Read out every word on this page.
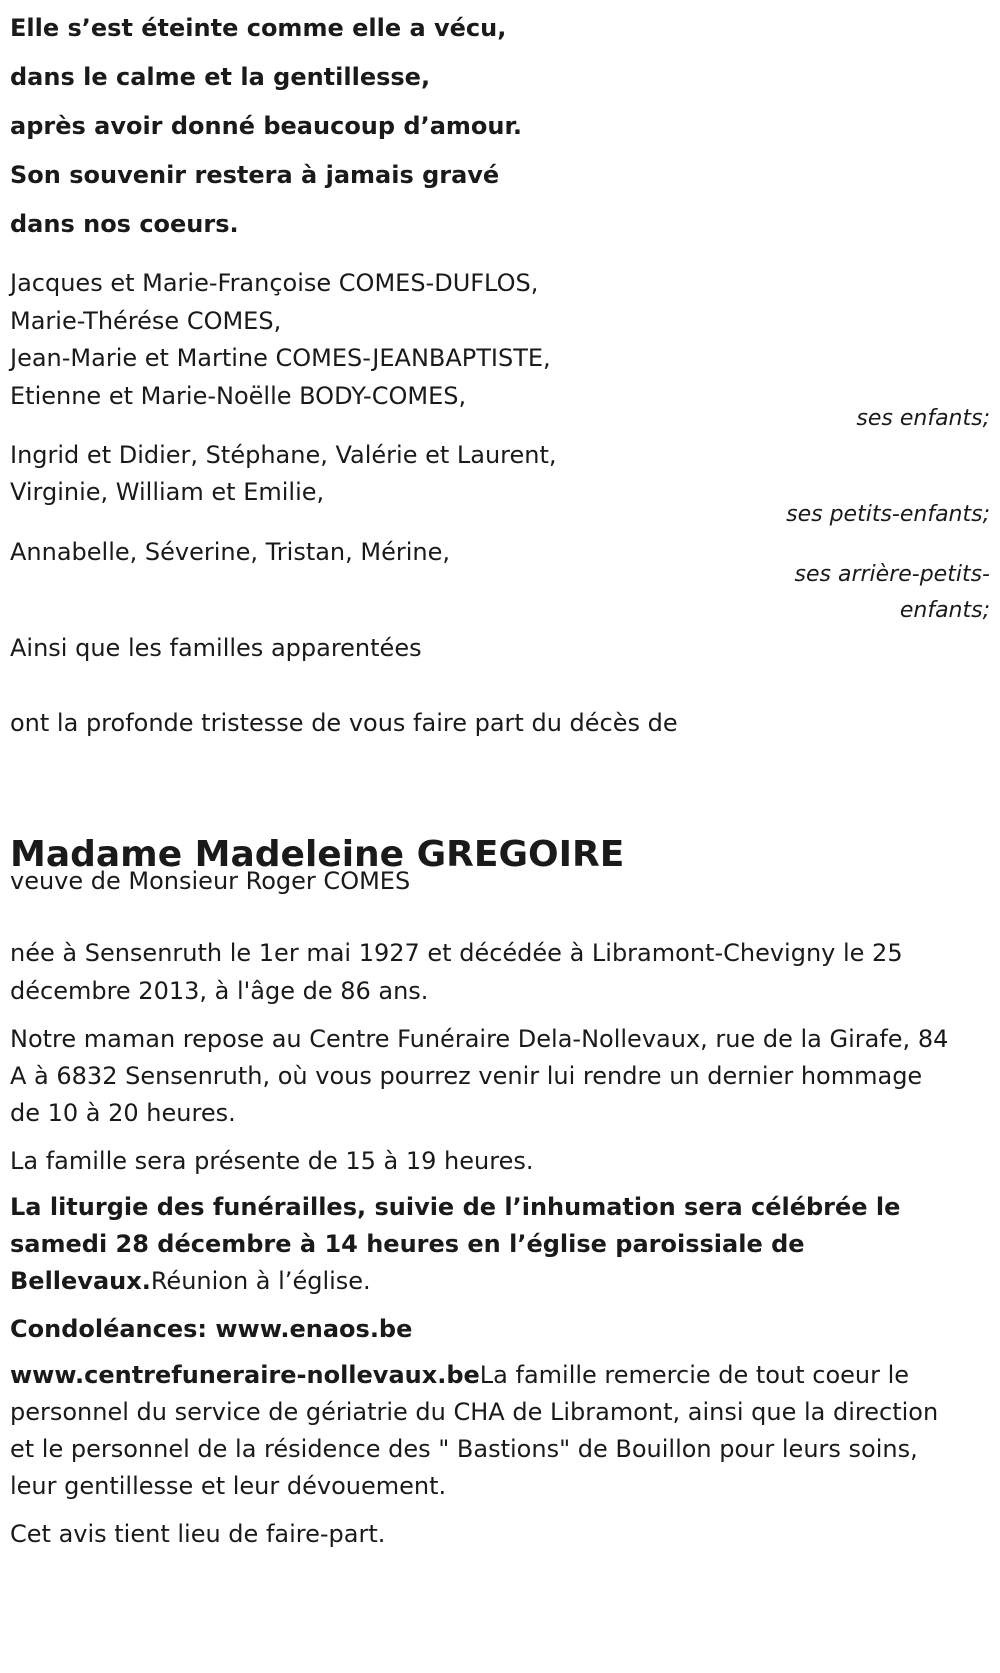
Elle s’est éteinte comme elle a vécu,
dans le calme et la gentillesse,
après avoir donné beaucoup d’amour.
Son souvenir restera à jamais gravé
dans nos coeurs.
Jacques et Marie-Françoise COMES-DUFLOS,
Marie-Thérése COMES,
Jean-Marie et Martine COMES-JEANBAPTISTE,
Etienne et Marie-Noëlle BODY-COMES,
ses enfants;
Ingrid et Didier, Stéphane, Valérie et Laurent,
Virginie, William et Emilie,
ses petits-enfants;
Annabelle, Séverine, Tristan, Mérine,
ses arrière-petits-
enfants;
Ainsi que les familles apparentées
ont la profonde tristesse de vous faire part du décès de
Madame Madeleine GREGOIRE
veuve de Monsieur Roger COMES
née à Sensenruth le 1er mai 1927 et décédée à Libramont-Chevigny le 25 décembre 2013, à l'âge de 86 ans.
Notre maman repose au Centre Funéraire Dela-Nollevaux, rue de la Girafe, 84 A à 6832 Sensenruth, où vous pourrez venir lui rendre un dernier hommage de 10 à 20 heures.
La famille sera présente de 15 à 19 heures.
La liturgie des funérailles, suivie de l’inhumation sera célébrée le samedi 28 décembre à 14 heures en l’église paroissiale de Bellevaux.Réunion à l’église.
Condoléances: www.enaos.be
www.centrefuneraire-nollevaux.beLa famille remercie de tout coeur le personnel du service de gériatrie du CHA de Libramont, ainsi que la direction et le personnel de la résidence des " Bastions" de Bouillon pour leurs soins, leur gentillesse et leur dévouement.
Cet avis tient lieu de faire-part.
